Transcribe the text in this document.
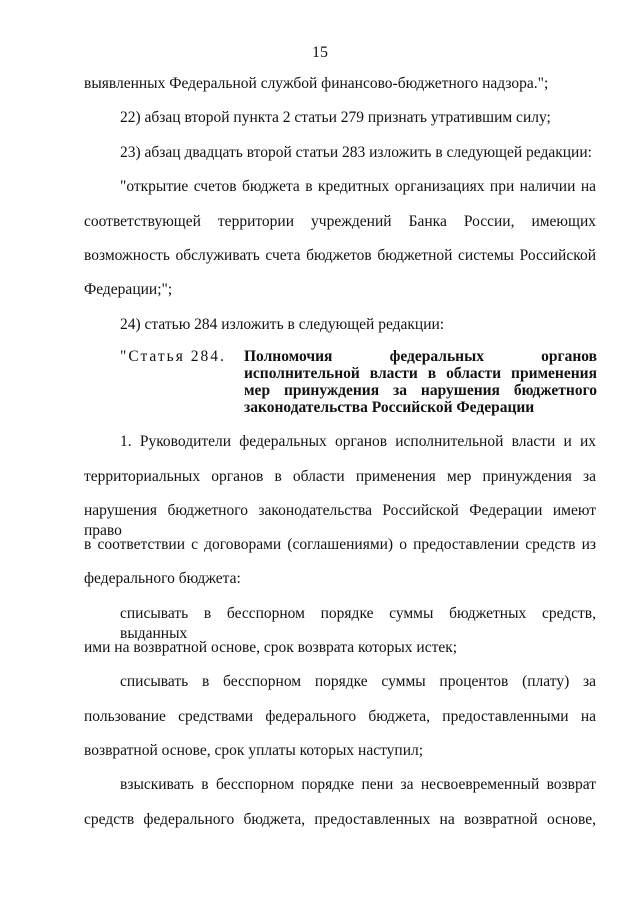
15
выявленных Федеральной службой финансово-бюджетного надзора.";
22) абзац второй пункта 2 статьи 279 признать утратившим силу;
23) абзац двадцать второй статьи 283 изложить в следующей редакции:
"открытие счетов бюджета в кредитных организациях при наличии на
соответствующей территории учреждений Банка России, имеющих
возможность обслуживать счета бюджетов бюджетной системы Российской
Федерации;";
24) статью 284 изложить в следующей редакции:
"Статья 284. Полномочия федеральных органов
исполнительной власти в области применения
мер принуждения за нарушения бюджетного
законодательства Российской Федерации
1. Руководители федеральных органов исполнительной власти и их
территориальных органов в области применения мер принуждения за
нарушения бюджетного законодательства Российской Федерации имеют право
в соответствии с договорами (соглашениями) о предоставлении средств из
федерального бюджета:
списывать в бесспорном порядке суммы бюджетных средств, выданных
ими на возвратной основе, срок возврата которых истек;
списывать в бесспорном порядке суммы процентов (плату) за
пользование средствами федерального бюджета, предоставленными на
возвратной основе, срок уплаты которых наступил;
взыскивать в бесспорном порядке пени за несвоевременный возврат
средств федерального бюджета, предоставленных на возвратной основе,
